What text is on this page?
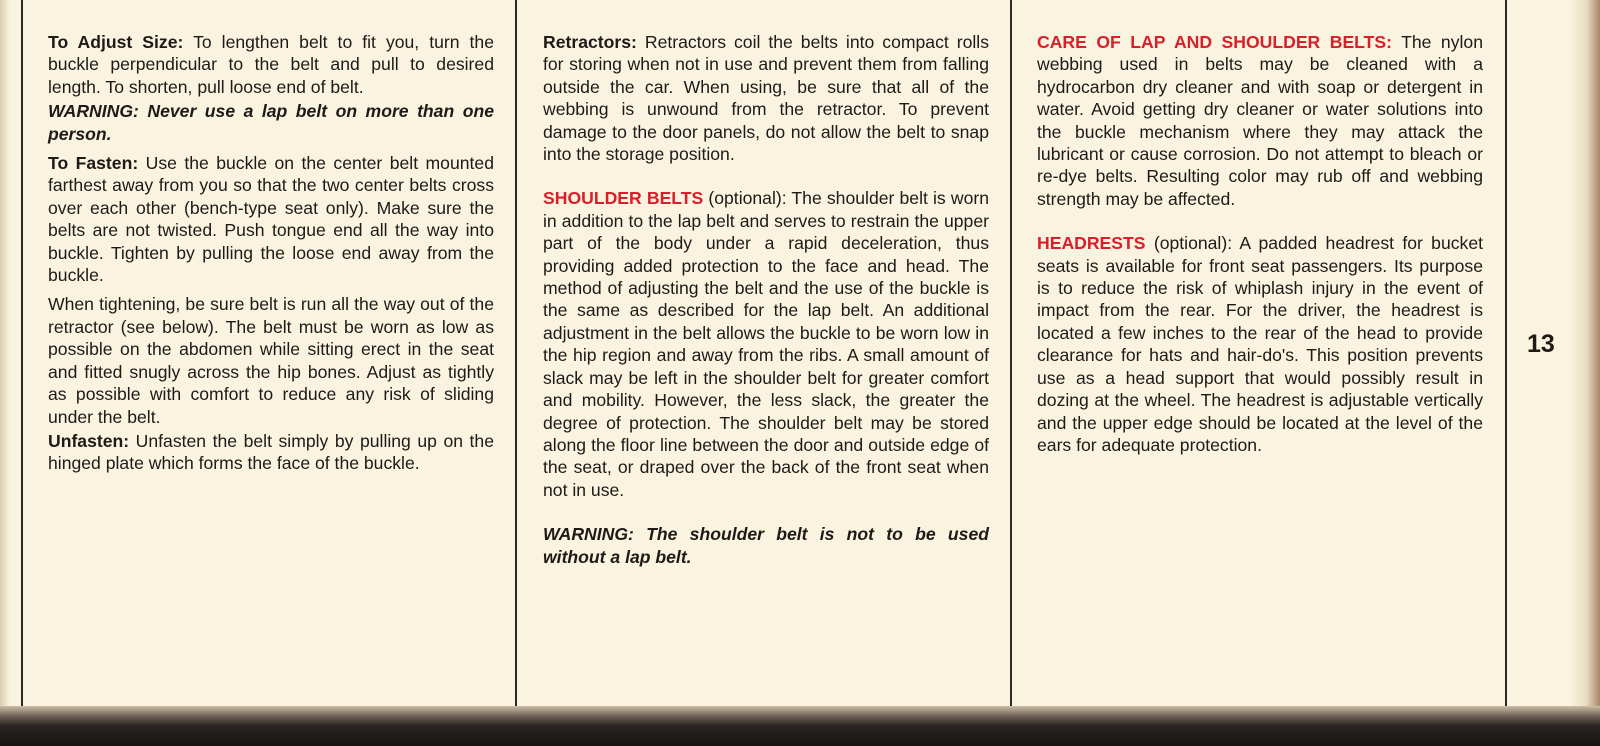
To Adjust Size: To lengthen belt to fit you, turn the buckle perpendicular to the belt and pull to desired length. To shorten, pull loose end of belt.

WARNING: Never use a lap belt on more than one person.

To Fasten: Use the buckle on the center belt mounted farthest away from you so that the two center belts cross over each other (bench-type seat only). Make sure the belts are not twisted. Push tongue end all the way into buckle. Tighten by pulling the loose end away from the buckle.

When tightening, be sure belt is run all the way out of the retractor (see below). The belt must be worn as low as possible on the abdomen while sitting erect in the seat and fitted snugly across the hip bones. Adjust as tightly as possible with comfort to reduce any risk of sliding under the belt.

Unfasten: Unfasten the belt simply by pulling up on the hinged plate which forms the face of the buckle.

Retractors: Retractors coil the belts into compact rolls for storing when not in use and prevent them from falling outside the car. When using, be sure that all of the webbing is unwound from the retractor. To prevent damage to the door panels, do not allow the belt to snap into the storage position.

SHOULDER BELTS (optional): The shoulder belt is worn in addition to the lap belt and serves to restrain the upper part of the body under a rapid deceleration, thus providing added protection to the face and head. The method of adjusting the belt and the use of the buckle is the same as described for the lap belt. An additional adjustment in the belt allows the buckle to be worn low in the hip region and away from the ribs. A small amount of slack may be left in the shoulder belt for greater comfort and mobility. However, the less slack, the greater the degree of protection. The shoulder belt may be stored along the floor line between the door and outside edge of the seat, or draped over the back of the front seat when not in use.

WARNING: The shoulder belt is not to be used without a lap belt.

CARE OF LAP AND SHOULDER BELTS: The nylon webbing used in belts may be cleaned with a hydrocarbon dry cleaner and with soap or detergent in water. Avoid getting dry cleaner or water solutions into the buckle mechanism where they may attack the lubricant or cause corrosion. Do not attempt to bleach or re-dye belts. Resulting color may rub off and webbing strength may be affected.

HEADRESTS (optional): A padded headrest for bucket seats is available for front seat passengers. Its purpose is to reduce the risk of whiplash injury in the event of impact from the rear. For the driver, the headrest is located a few inches to the rear of the head to provide clearance for hats and hair-do's. This position prevents use as a head support that would possibly result in dozing at the wheel. The headrest is adjustable vertically and the upper edge should be located at the level of the ears for adequate protection.

13
